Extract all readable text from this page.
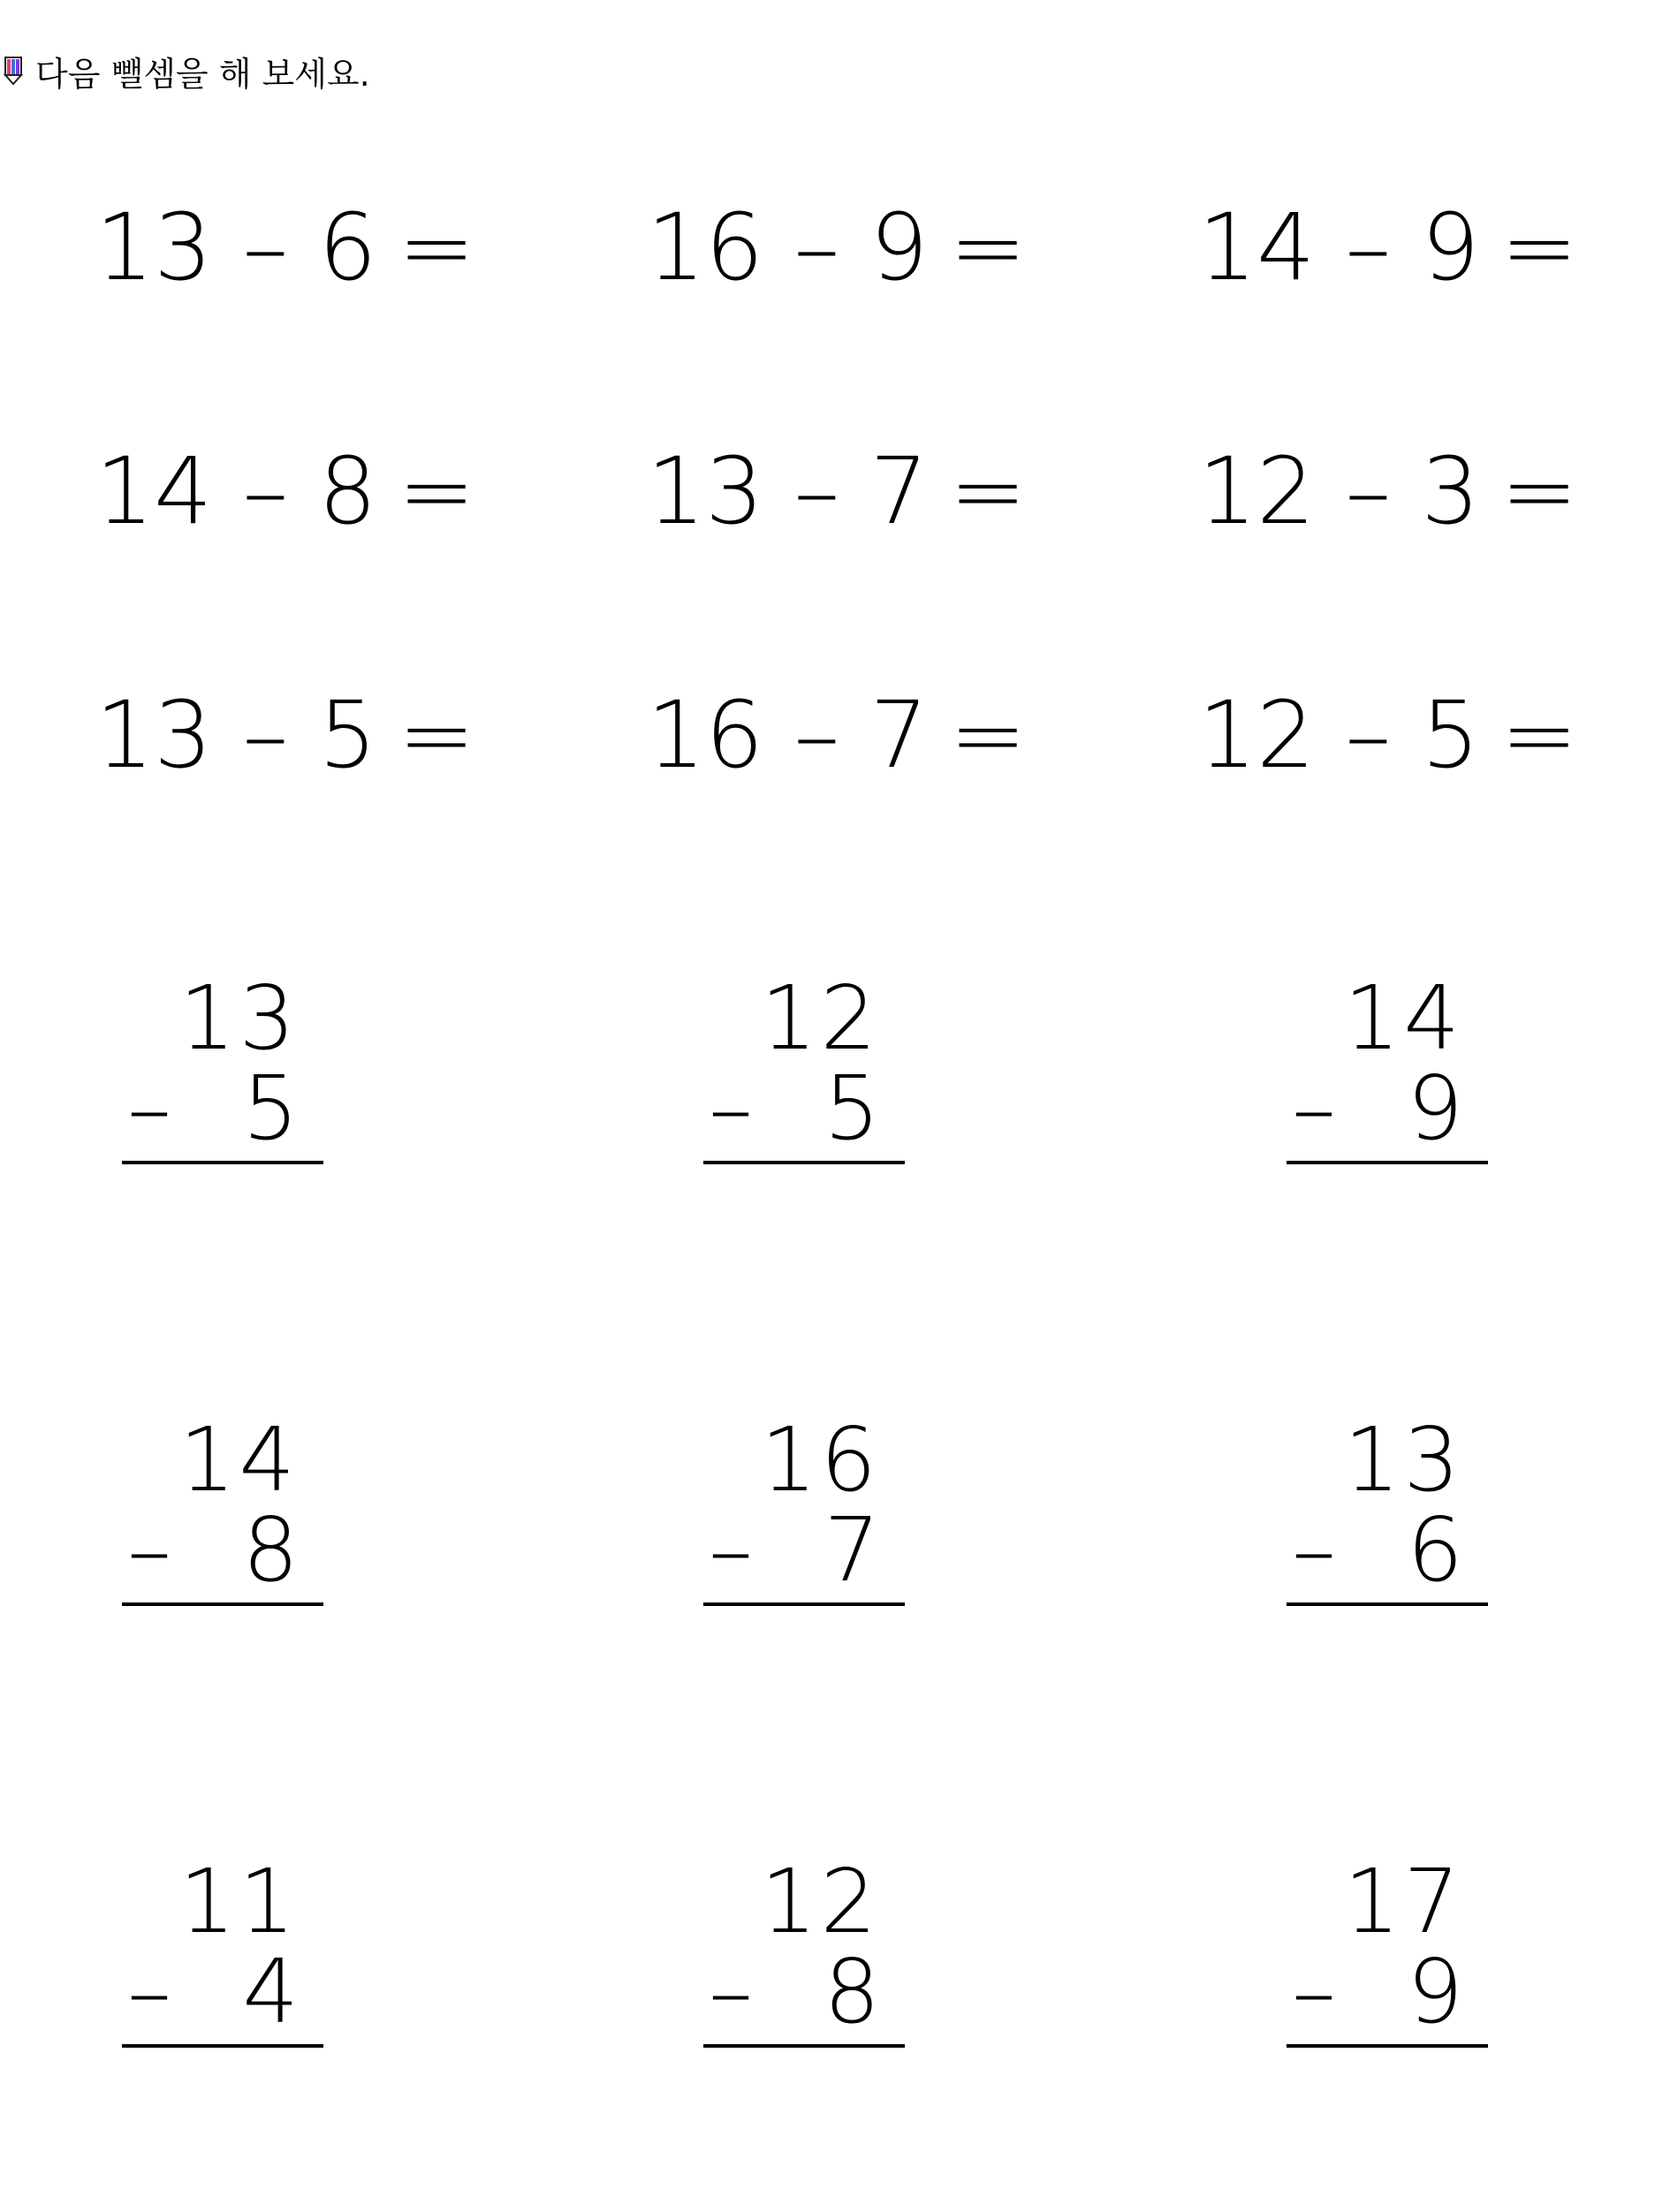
다음 뺄셈을 해 보세요.
13 – 6 = 16 – 9 = 14 – 9 =
14 – 8 = 13 – 7 = 12 – 3 =
13 – 5 = 16 – 7 = 12 – 5 =
13
– 5
12
– 5
14
– 9
14
– 8
16
– 7
13
– 6
11
– 4
12
– 8
17
– 9
